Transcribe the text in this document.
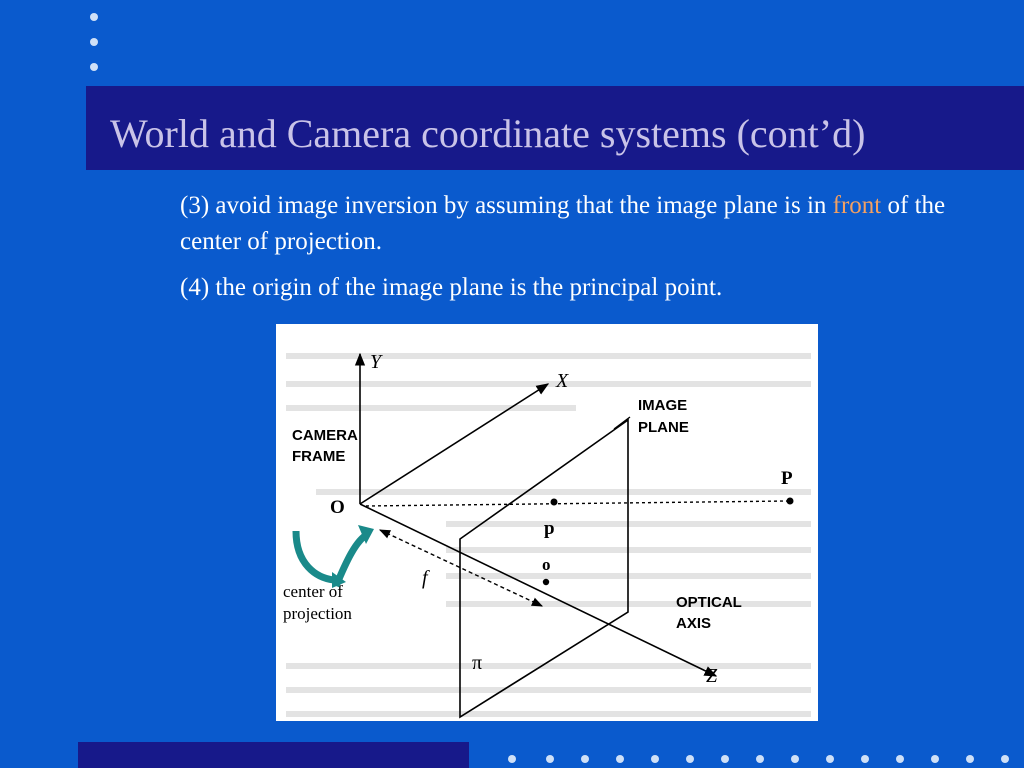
World and Camera coordinate systems (cont’d)

(3) avoid image inversion by assuming that the image plane is in front of the center of projection.

(4) the origin of the image plane is the principal point.

Y
X
Z
IMAGE
PLANE
CAMERA
FRAME
O
P
p
o
f
OPTICAL
AXIS
π
center of
projection
